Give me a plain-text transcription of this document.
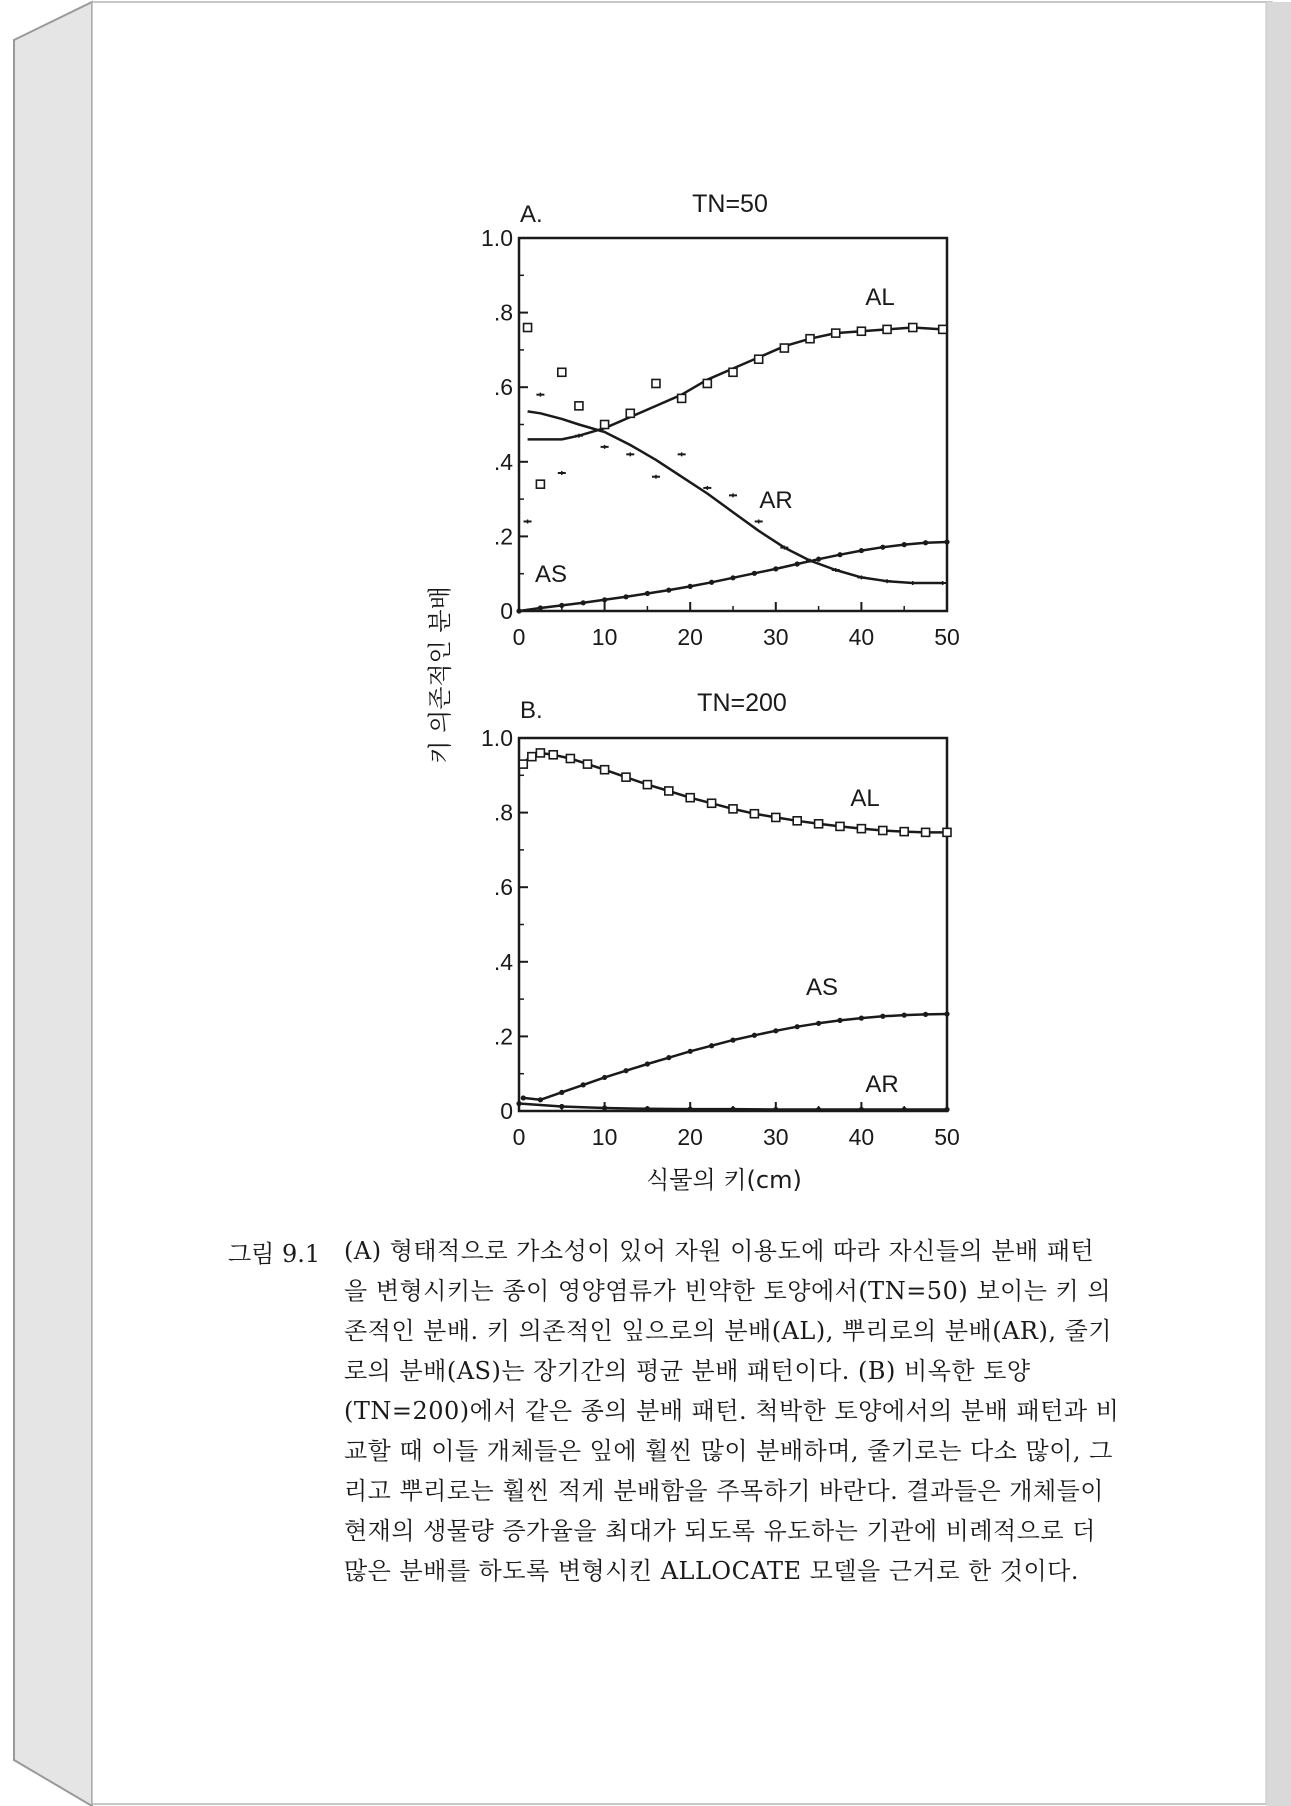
A.	TN=50
0
.2
.4
.6
.8
1.0
0	10	20	30	40	50
AL
AR
AS
B.	TN=200
0
.2
.4
.6
.8
1.0
0	10	20	30	40	50
AL
AS
AR
키 의존적인 분배
식물의 키(cm)
그림 9.1 (A) 형태적으로 가소성이 있어 자원 이용도에 따라 자신들의 분배 패턴
을 변형시키는 종이 영양염류가 빈약한 토양에서(TN=50) 보이는 키 의
존적인 분배. 키 의존적인 잎으로의 분배(AL), 뿌리로의 분배(AR), 줄기
로의 분배(AS)는 장기간의 평균 분배 패턴이다. (B) 비옥한 토양
(TN=200)에서 같은 종의 분배 패턴. 척박한 토양에서의 분배 패턴과 비
교할 때 이들 개체들은 잎에 훨씬 많이 분배하며, 줄기로는 다소 많이, 그
리고 뿌리로는 훨씬 적게 분배함을 주목하기 바란다. 결과들은 개체들이
현재의 생물량 증가율을 최대가 되도록 유도하는 기관에 비례적으로 더
많은 분배를 하도록 변형시킨 ALLOCATE 모델을 근거로 한 것이다.
